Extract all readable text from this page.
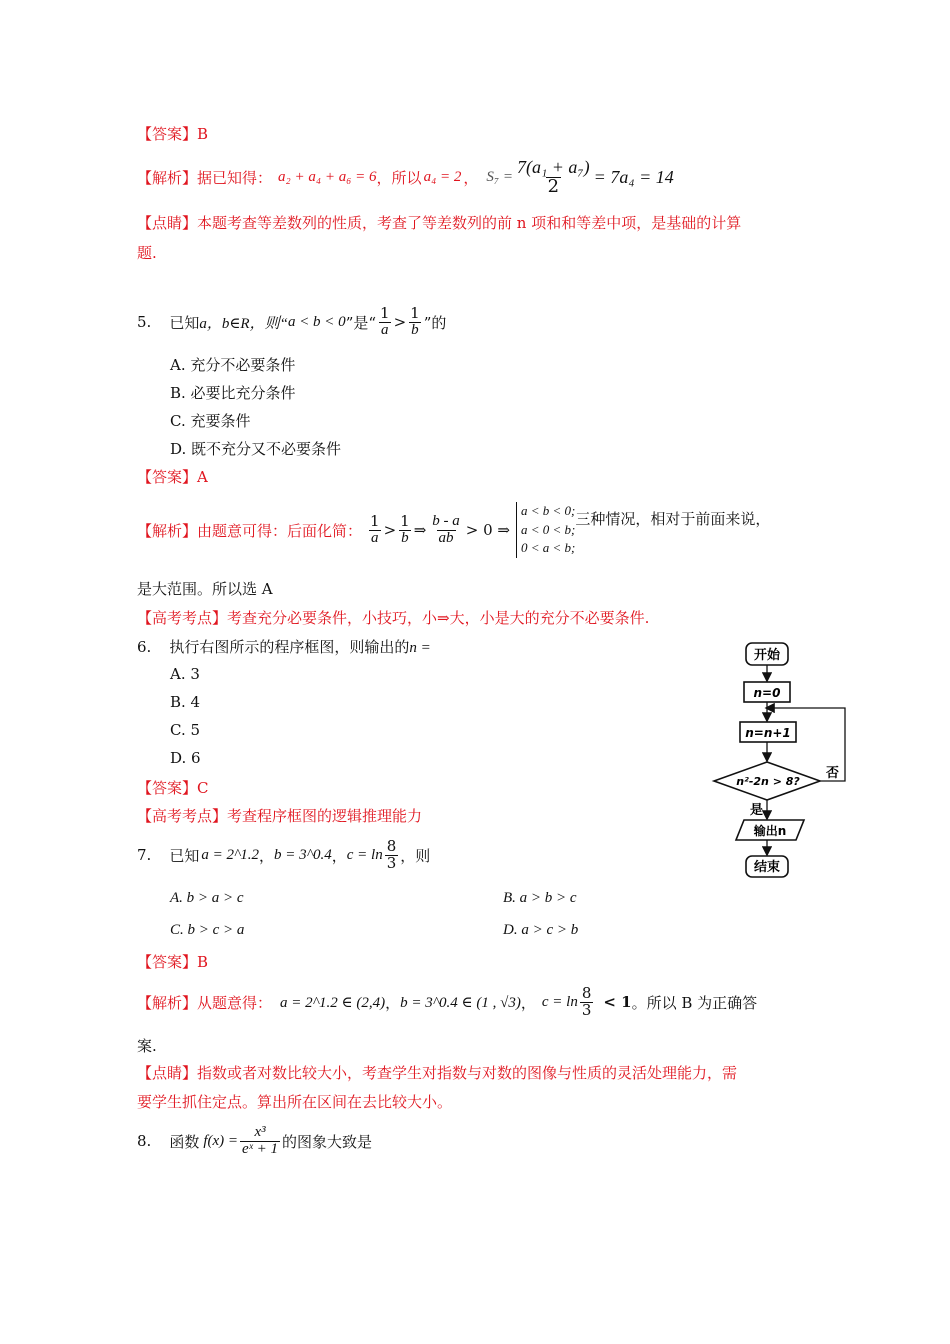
【答案】B
【解析】 据已知得： a₂ + a₄ + a₆ = 6 ，所以 a₄ = 2 ， $S_7 = \frac{\text{7(a₁ + a₇)}}{2} = 7a_4 = 14$
【点睛】本题考查等差数列的性质，考查了等差数列的前 n 项和和等差中项，是基础的计算
题.
5. 已知 a，b∈R，则“ a < b < 0 ”是“ $\frac{1}{a} > \frac{1}{b}$ ”的
A. 充分不必要条件
B. 必要比充分条件
C. 充要条件
D. 既不充分又不必要条件
【答案】A
【解析】 由题意可得：后面化简： $\frac{1}{a} > \frac{1}{b}$ ⇒ $\frac{b - a}{ab} > 0$ ⇒
a < b < 0;
a < 0 < b;
0 < a < b;
三种情况，相对于前面来说，
是大范围。所以选 A
【高考考点】考查充分必要条件，小技巧，小⇒大，小是大的充分不必要条件.
6. 执行右图所示的程序框图，则输出的n =
A. 3
B. 4
C. 5
D. 6
【答案】C
【高考考点】考查程序框图的逻辑推理能力
开始
n=0
n=n+1
n²-2n > 8?
否
是
输出n
结束
7. 已知 a = 2^1.2 ， b = 3^0.4 ， $c = \ln \frac{8}{3}$ ，则
A. b > a > c	B. a > b > c
C. b > c > a	D. a > c > b
【答案】B
【解析】 从题意得： a = 2^1.2 ∈ (2,4) ， b = 3^0.4 ∈ (1 , √3) ， $c = \ln \frac{8}{3} < 1$ 。所以 B 为正确答
案.
【点睛】指数或者对数比较大小，考查学生对指数与对数的图像与性质的灵活处理能力，需
要学生抓住定点。算出所在区间在去比较大小。
8. 函数 $f(x) = \frac{\text{x³}}{\text{eˣ + 1}}$ 的图象大致是
